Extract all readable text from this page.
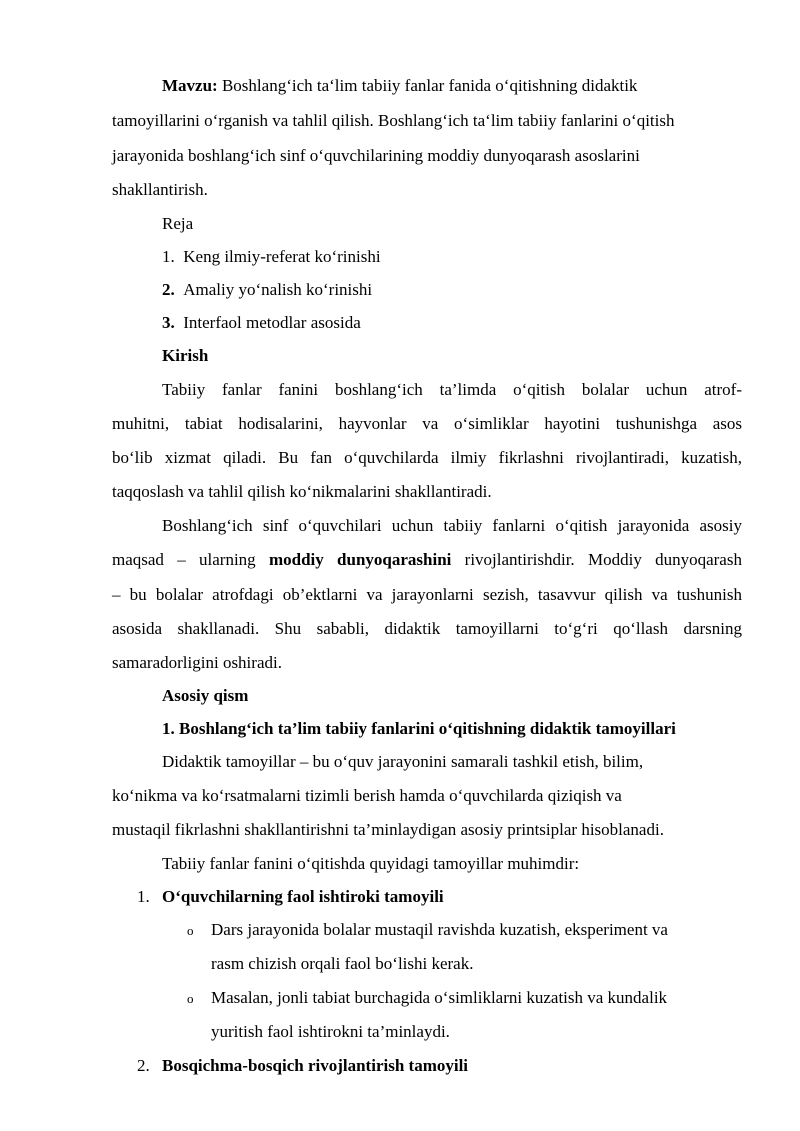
Mavzu: Boshlang‘ich ta‘lim tabiiy fanlar fanida o‘qitishning didaktik
tamoyillarini o‘rganish va tahlil qilish. Boshlang‘ich ta‘lim tabiiy fanlarini o‘qitish
jarayonida boshlang‘ich sinf o‘quvchilarining moddiy dunyoqarash asoslarini
shakllantirish.
Reja
1. Keng ilmiy-referat ko‘rinishi
2. Amaliy yo‘nalish ko‘rinishi
3. Interfaol metodlar asosida
Kirish
Tabiiy fanlar fanini boshlang‘ich ta’limda o‘qitish bolalar uchun atrof-
muhitni, tabiat hodisalarini, hayvonlar va o‘simliklar hayotini tushunishga asos
bo‘lib xizmat qiladi. Bu fan o‘quvchilarda ilmiy fikrlashni rivojlantiradi, kuzatish,
taqqoslash va tahlil qilish ko‘nikmalarini shakllantiradi.
Boshlang‘ich sinf o‘quvchilari uchun tabiiy fanlarni o‘qitish jarayonida asosiy
maqsad – ularning moddiy dunyoqarashini rivojlantirishdir. Moddiy dunyoqarash
– bu bolalar atrofdagi ob’ektlarni va jarayonlarni sezish, tasavvur qilish va tushunish
asosida shakllanadi. Shu sababli, didaktik tamoyillarni to‘g‘ri qo‘llash darsning
samaradorligini oshiradi.
Asosiy qism
1. Boshlang‘ich ta’lim tabiiy fanlarini o‘qitishning didaktik tamoyillari
Didaktik tamoyillar – bu o‘quv jarayonini samarali tashkil etish, bilim,
ko‘nikma va ko‘rsatmalarni tizimli berish hamda o‘quvchilarda qiziqish va
mustaqil fikrlashni shakllantirishni ta’minlaydigan asosiy printsiplar hisoblanadi.
Tabiiy fanlar fanini o‘qitishda quyidagi tamoyillar muhimdir:
1. O‘quvchilarning faol ishtiroki tamoyili
o Dars jarayonida bolalar mustaqil ravishda kuzatish, eksperiment va
rasm chizish orqali faol bo‘lishi kerak.
o Masalan, jonli tabiat burchagida o‘simliklarni kuzatish va kundalik
yuritish faol ishtirokni ta’minlaydi.
2. Bosqichma-bosqich rivojlantirish tamoyili
